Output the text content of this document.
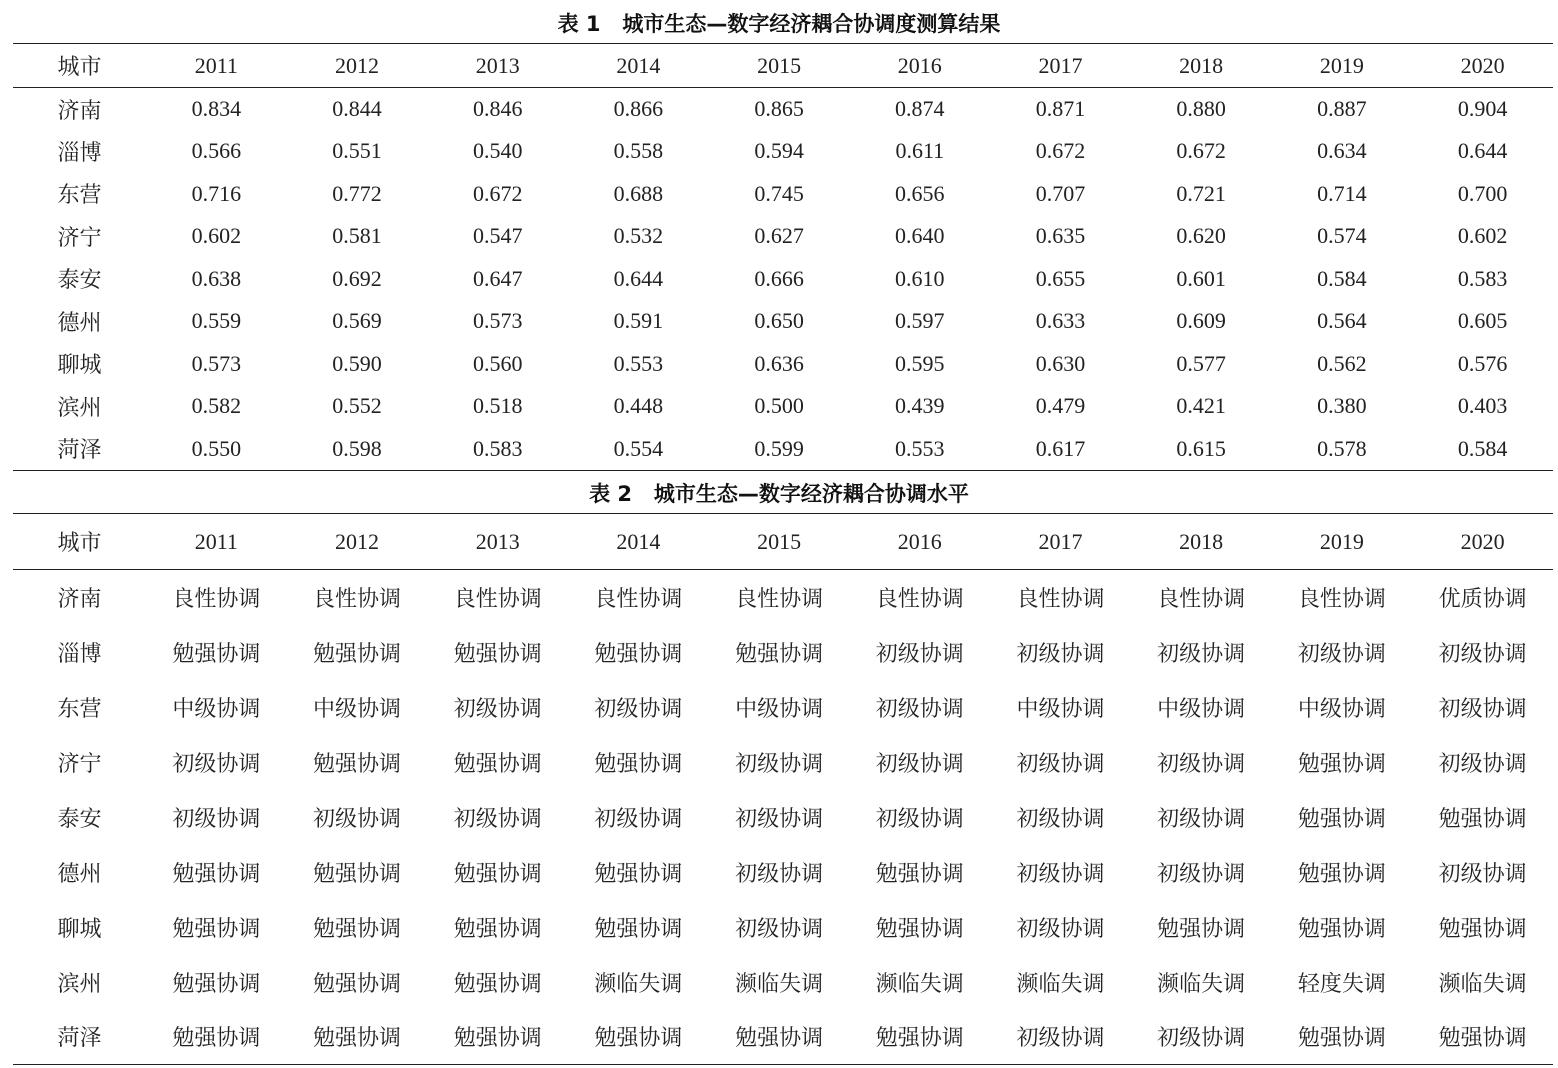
表 1   城市生态—数字经济耦合协调度测算结果
城市	2011	2012	2013	2014	2015	2016	2017	2018	2019	2020
济南	0.834	0.844	0.846	0.866	0.865	0.874	0.871	0.880	0.887	0.904
淄博	0.566	0.551	0.540	0.558	0.594	0.611	0.672	0.672	0.634	0.644
东营	0.716	0.772	0.672	0.688	0.745	0.656	0.707	0.721	0.714	0.700
济宁	0.602	0.581	0.547	0.532	0.627	0.640	0.635	0.620	0.574	0.602
泰安	0.638	0.692	0.647	0.644	0.666	0.610	0.655	0.601	0.584	0.583
德州	0.559	0.569	0.573	0.591	0.650	0.597	0.633	0.609	0.564	0.605
聊城	0.573	0.590	0.560	0.553	0.636	0.595	0.630	0.577	0.562	0.576
滨州	0.582	0.552	0.518	0.448	0.500	0.439	0.479	0.421	0.380	0.403
菏泽	0.550	0.598	0.583	0.554	0.599	0.553	0.617	0.615	0.578	0.584
表 2   城市生态—数字经济耦合协调水平
城市	2011	2012	2013	2014	2015	2016	2017	2018	2019	2020
济南	良性协调	良性协调	良性协调	良性协调	良性协调	良性协调	良性协调	良性协调	良性协调	优质协调
淄博	勉强协调	勉强协调	勉强协调	勉强协调	勉强协调	初级协调	初级协调	初级协调	初级协调	初级协调
东营	中级协调	中级协调	初级协调	初级协调	中级协调	初级协调	中级协调	中级协调	中级协调	初级协调
济宁	初级协调	勉强协调	勉强协调	勉强协调	初级协调	初级协调	初级协调	初级协调	勉强协调	初级协调
泰安	初级协调	初级协调	初级协调	初级协调	初级协调	初级协调	初级协调	初级协调	勉强协调	勉强协调
德州	勉强协调	勉强协调	勉强协调	勉强协调	初级协调	勉强协调	初级协调	初级协调	勉强协调	初级协调
聊城	勉强协调	勉强协调	勉强协调	勉强协调	初级协调	勉强协调	初级协调	勉强协调	勉强协调	勉强协调
滨州	勉强协调	勉强协调	勉强协调	濒临失调	濒临失调	濒临失调	濒临失调	濒临失调	轻度失调	濒临失调
菏泽	勉强协调	勉强协调	勉强协调	勉强协调	勉强协调	勉强协调	初级协调	初级协调	勉强协调	勉强协调
